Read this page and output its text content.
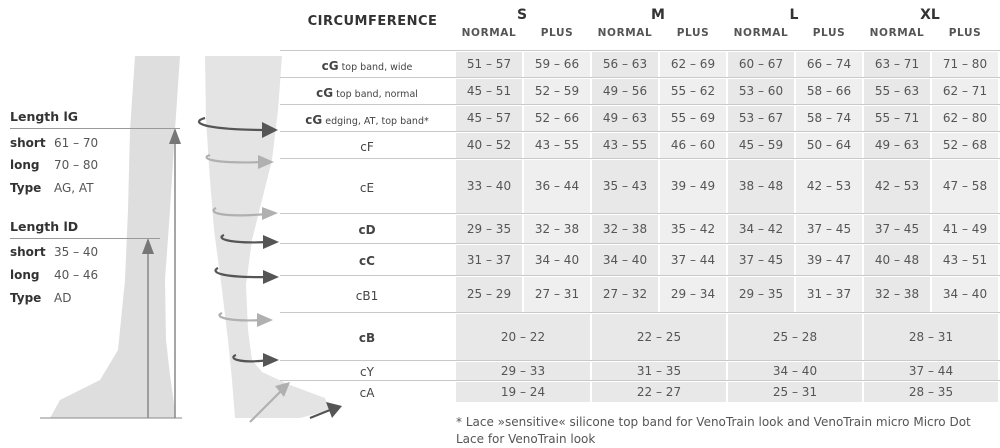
Length lG
short 61 – 70
long 70 – 80
Type AG, AT
Length lD
short 35 – 40
long 40 – 46
Type AD
CIRCUMFERENCE	S
NORMAL	PLUS
M
NORMAL	PLUS
L
NORMAL	PLUS
XL
NORMAL	PLUS
cG top band, wide	51 – 57	59 – 66	56 – 63	62 – 69	60 – 67	66 – 74	63 – 71	71 – 80
cG top band, normal	45 – 51	52 – 59	49 – 56	55 – 62	53 – 60	58 – 66	55 – 63	62 – 71
cG edging, AT, top band*	45 – 57	52 – 66	49 – 63	55 – 69	53 – 67	58 – 74	55 – 71	62 – 80
cF	40 – 52	43 – 55	43 – 55	46 – 60	45 – 59	50 – 64	49 – 63	52 – 68
cE	33 – 40	36 – 44	35 – 43	39 – 49	38 – 48	42 – 53	42 – 53	47 – 58
cD	29 – 35	32 – 38	32 – 38	35 – 42	34 – 42	37 – 45	37 – 45	41 – 49
cC	31 – 37	34 – 40	34 – 40	37 – 44	37 – 45	39 – 47	40 – 48	43 – 51
cB1	25 – 29	27 – 31	27 – 32	29 – 34	29 – 35	31 – 37	32 – 38	34 – 40
cB	20 – 22	22 – 25	25 – 28	28 – 31
cY	29 – 33	31 – 35	34 – 40	37 – 44
cA	19 – 24	22 – 27	25 – 31	28 – 35
* Lace »sensitive« silicone top band for VenoTrain look and VenoTrain micro Micro Dot Lace for VenoTrain look
